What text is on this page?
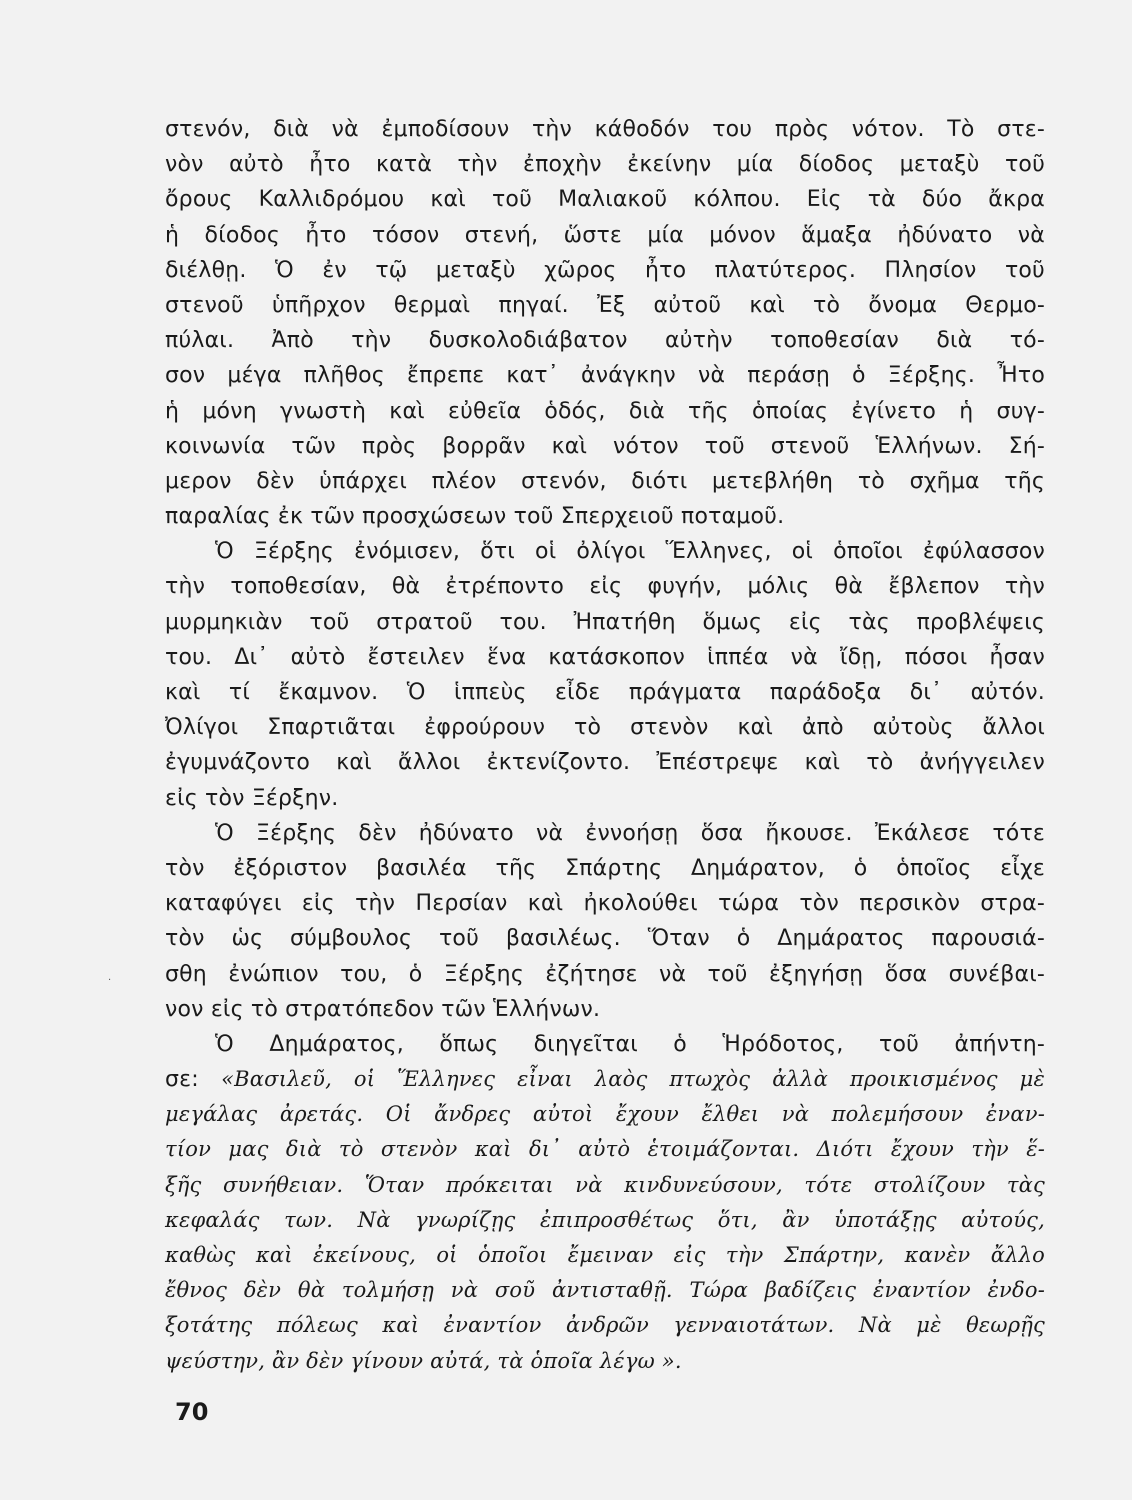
στενόν, διὰ νὰ ἐμποδίσουν τὴν κάθοδόν του πρὸς νότον. Τὸ στε-
νὸν αὐτὸ ἦτο κατὰ τὴν ἐποχὴν ἐκείνην μία δίοδος μεταξὺ τοῦ
ὄρους Καλλιδρόμου καὶ τοῦ Μαλιακοῦ κόλπου. Εἰς τὰ δύο ἄκρα
ἡ δίοδος ἦτο τόσον στενή, ὥστε μία μόνον ἅμαξα ἠδύνατο νὰ
διέλθῃ. Ὁ ἐν τῷ μεταξὺ χῶρος ἦτο πλατύτερος. Πλησίον τοῦ
στενοῦ ὑπῆρχον θερμαὶ πηγαί. Ἐξ αὐτοῦ καὶ τὸ ὄνομα Θερμο-
πύλαι. Ἀπὸ τὴν δυσκολοδιάβατον αὐτὴν τοποθεσίαν διὰ τό-
σον μέγα πλῆθος ἔπρεπε κατ᾽ ἀνάγκην νὰ περάσῃ ὁ Ξέρξης. Ἦτο
ἡ μόνη γνωστὴ καὶ εὐθεῖα ὁδός, διὰ τῆς ὁποίας ἐγίνετο ἡ συγ-
κοινωνία τῶν πρὸς βορρᾶν καὶ νότον τοῦ στενοῦ Ἑλλήνων. Σή-
μερον δὲν ὑπάρχει πλέον στενόν, διότι μετεβλήθη τὸ σχῆμα τῆς
παραλίας ἐκ τῶν προσχώσεων τοῦ Σπερχειοῦ ποταμοῦ.
Ὁ Ξέρξης ἐνόμισεν, ὅτι οἱ ὀλίγοι Ἕλληνες, οἱ ὁποῖοι ἐφύλασσον
τὴν τοποθεσίαν, θὰ ἐτρέποντο εἰς φυγήν, μόλις θὰ ἔβλεπον τὴν
μυρμηκιὰν τοῦ στρατοῦ του. Ἠπατήθη ὅμως εἰς τὰς προβλέψεις
του. Δι᾽ αὐτὸ ἔστειλεν ἕνα κατάσκοπον ἱππέα νὰ ἴδῃ, πόσοι ἦσαν
καὶ τί ἔκαμνον. Ὁ ἱππεὺς εἶδε πράγματα παράδοξα δι᾽ αὐτόν.
Ὀλίγοι Σπαρτιᾶται ἐφρούρουν τὸ στενὸν καὶ ἀπὸ αὐτοὺς ἄλλοι
ἐγυμνάζοντο καὶ ἄλλοι ἐκτενίζοντο. Ἐπέστρεψε καὶ τὸ ἀνήγγειλεν
εἰς τὸν Ξέρξην.
Ὁ Ξέρξης δὲν ἠδύνατο νὰ ἐννοήσῃ ὅσα ἤκουσε. Ἐκάλεσε τότε
τὸν ἐξόριστον βασιλέα τῆς Σπάρτης Δημάρατον, ὁ ὁποῖος εἶχε
καταφύγει εἰς τὴν Περσίαν καὶ ἠκολούθει τώρα τὸν περσικὸν στρα-
τὸν ὡς σύμβουλος τοῦ βασιλέως. Ὅταν ὁ Δημάρατος παρουσιά-
σθη ἐνώπιον του, ὁ Ξέρξης ἐζήτησε νὰ τοῦ ἐξηγήσῃ ὅσα συνέβαι-
νον εἰς τὸ στρατόπεδον τῶν Ἑλλήνων.
Ὁ Δημάρατος, ὅπως διηγεῖται ὁ Ἡρόδοτος, τοῦ ἀπήντη-
σε: «Βασιλεῦ, οἱ Ἕλληνες εἶναι λαὸς πτωχὸς ἀλλὰ προικισμένος μὲ
μεγάλας ἀρετάς. Οἱ ἄνδρες αὐτοὶ ἔχουν ἔλθει νὰ πολεμήσουν ἐναν-
τίον μας διὰ τὸ στενὸν καὶ δι᾽ αὐτὸ ἑτοιμάζονται. Διότι ἔχουν τὴν ἕ-
ξῆς συνήθειαν. Ὅταν πρόκειται νὰ κινδυνεύσουν, τότε στολίζουν τὰς
κεφαλάς των. Νὰ γνωρίζῃς ἐπιπροσθέτως ὅτι, ἂν ὑποτάξῃς αὐτούς,
καθὼς καὶ ἐκείνους, οἱ ὁποῖοι ἔμειναν εἰς τὴν Σπάρτην, κανὲν ἄλλο
ἔθνος δὲν θὰ τολμήσῃ νὰ σοῦ ἀντισταθῇ. Τώρα βαδίζεις ἐναντίον ἐνδο-
ξοτάτης πόλεως καὶ ἐναντίον ἀνδρῶν γενναιοτάτων. Νὰ μὲ θεωρῇς
ψεύστην, ἂν δὲν γίνουν αὐτά, τὰ ὁποῖα λέγω ».
·
70
